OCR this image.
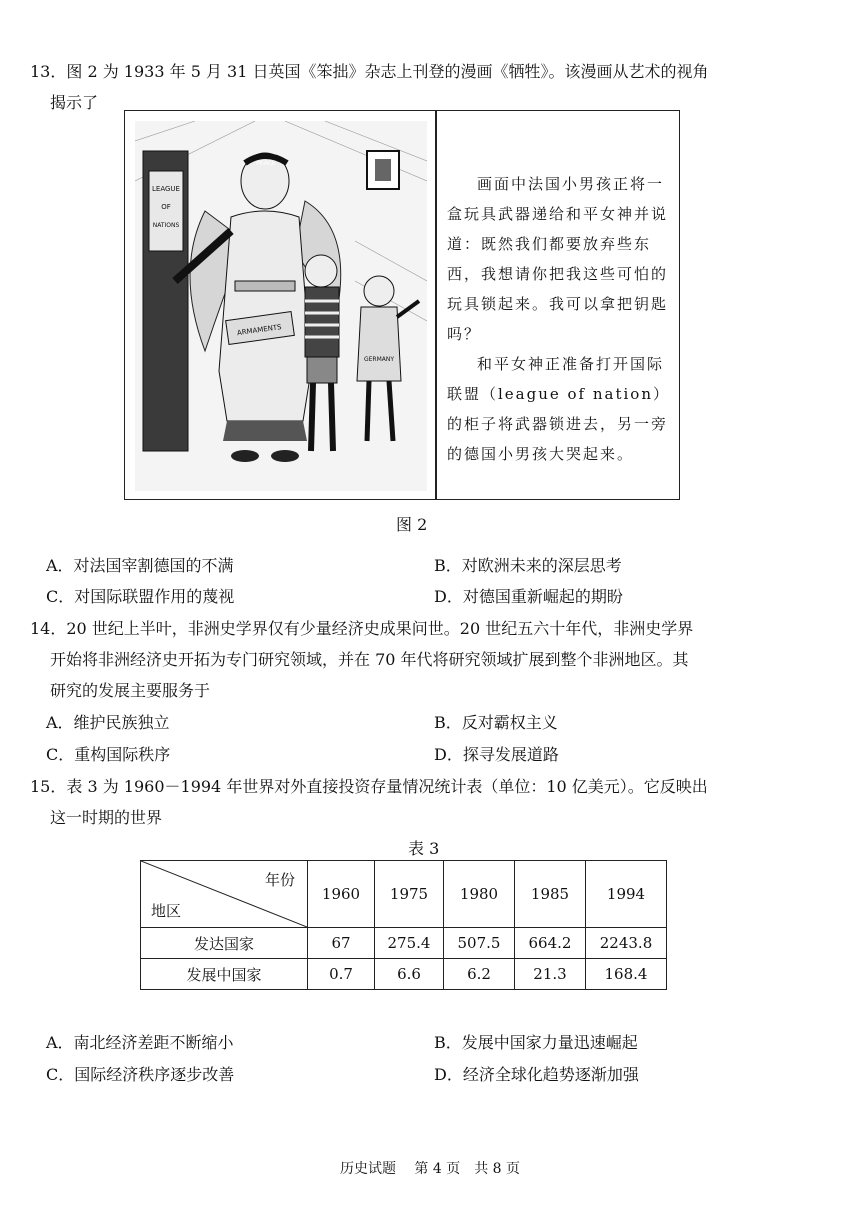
13．图 2 为 1933 年 5 月 31 日英国《笨拙》杂志上刊登的漫画《牺牲》。该漫画从艺术的视角
揭示了
LEAGUE
OF
NATIONS
PEACE
ARMAMENTS
GERMANY

画面中法国小男孩正将一盒玩具武器递给和平女神并说道：既然我们都要放弃些东西，我想请你把我这些可怕的玩具锁起来。我可以拿把钥匙吗？

和平女神正准备打开国际联盟（league of nation）的柜子将武器锁进去，另一旁的德国小男孩大哭起来。

图 2
A．对法国宰割德国的不满	B．对欧洲未来的深层思考
C．对国际联盟作用的蔑视	D．对德国重新崛起的期盼
14．20 世纪上半叶，非洲史学界仅有少量经济史成果问世。20 世纪五六十年代，非洲史学界
开始将非洲经济史开拓为专门研究领域，并在 70 年代将研究领域扩展到整个非洲地区。其
研究的发展主要服务于
A．维护民族独立	B．反对霸权主义
C．重构国际秩序	D．探寻发展道路
15．表 3 为 1960－1994 年世界对外直接投资存量情况统计表（单位：10 亿美元）。它反映出
这一时期的世界
表 3
年份
地区	1960	1975	1980	1985	1994
发达国家	67	275.4	507.5	664.2	2243.8
发展中国家	0.7	6.6	6.2	21.3	168.4
A．南北经济差距不断缩小	B．发展中国家力量迅速崛起
C．国际经济秩序逐步改善	D．经济全球化趋势逐渐加强
历史试题　 第 4 页　共 8 页
